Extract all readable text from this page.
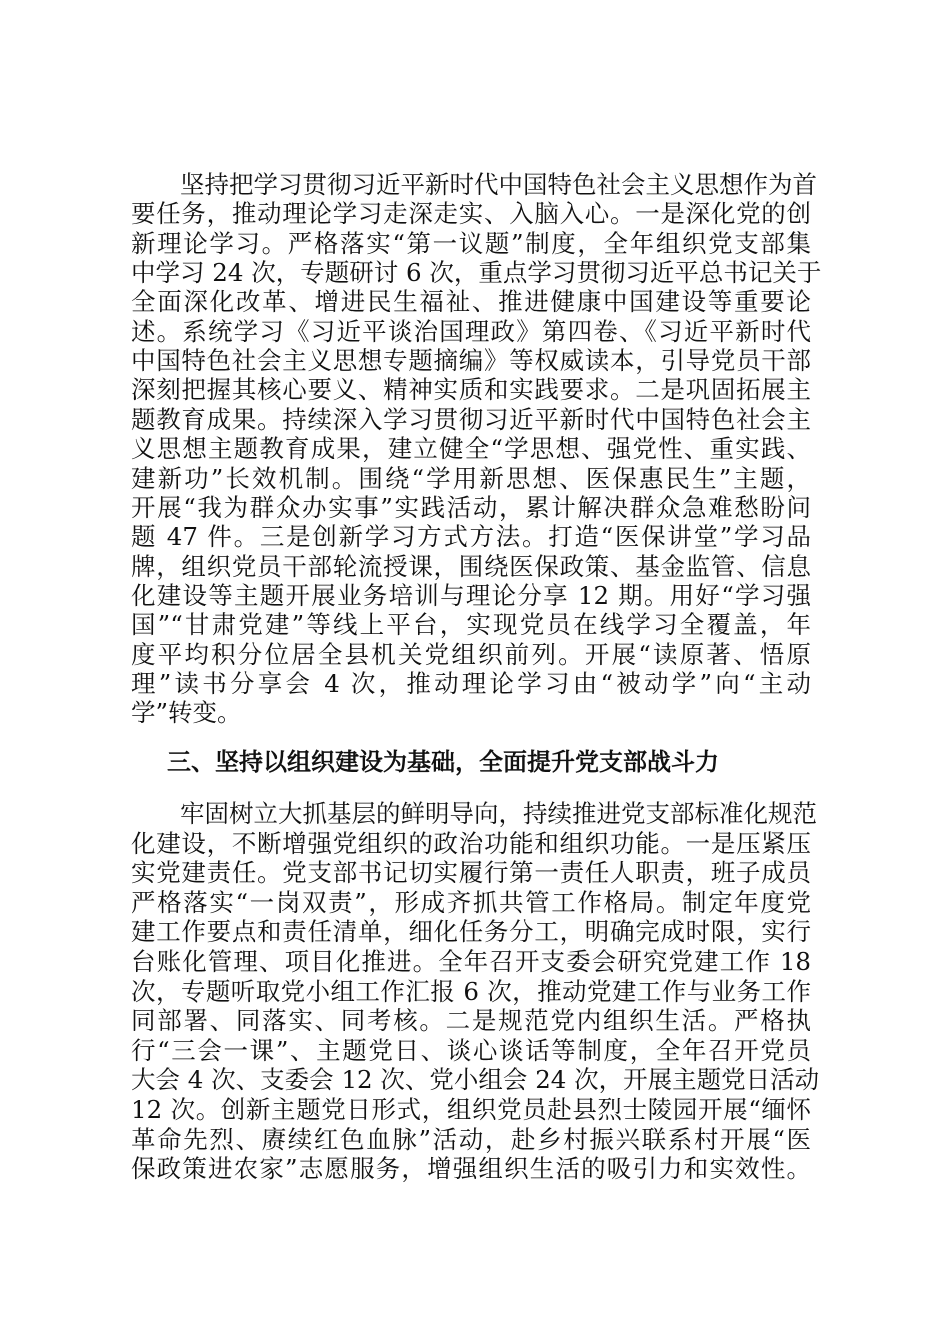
坚持把学习贯彻习近平新时代中国特色社会主义思想作为首
要任务，推动理论学习走深走实、入脑入心。一是深化党的创
新理论学习。严格落实“第一议题”制度，全年组织党支部集
中学习 24 次，专题研讨 6 次，重点学习贯彻习近平总书记关于
全面深化改革、增进民生福祉、推进健康中国建设等重要论
述。系统学习《习近平谈治国理政》第四卷、《习近平新时代
中国特色社会主义思想专题摘编》等权威读本，引导党员干部
深刻把握其核心要义、精神实质和实践要求。二是巩固拓展主
题教育成果。持续深入学习贯彻习近平新时代中国特色社会主
义思想主题教育成果，建立健全“学思想、强党性、重实践、
建新功”长效机制。围绕“学用新思想、医保惠民生”主题，
开展“我为群众办实事”实践活动，累计解决群众急难愁盼问
题 47 件。三是创新学习方式方法。打造“医保讲堂”学习品
牌，组织党员干部轮流授课，围绕医保政策、基金监管、信息
化建设等主题开展业务培训与理论分享 12 期。用好“学习强
国”“甘肃党建”等线上平台，实现党员在线学习全覆盖，年
度平均积分位居全县机关党组织前列。开展“读原著、悟原
理”读书分享会 4 次，推动理论学习由“被动学”向“主动
学”转变。
三、坚持以组织建设为基础，全面提升党支部战斗力
牢固树立大抓基层的鲜明导向，持续推进党支部标准化规范
化建设，不断增强党组织的政治功能和组织功能。一是压紧压
实党建责任。党支部书记切实履行第一责任人职责，班子成员
严格落实“一岗双责”，形成齐抓共管工作格局。制定年度党
建工作要点和责任清单，细化任务分工，明确完成时限，实行
台账化管理、项目化推进。全年召开支委会研究党建工作 18
次，专题听取党小组工作汇报 6 次，推动党建工作与业务工作
同部署、同落实、同考核。二是规范党内组织生活。严格执
行“三会一课”、主题党日、谈心谈话等制度，全年召开党员
大会 4 次、支委会 12 次、党小组会 24 次，开展主题党日活动
12 次。创新主题党日形式，组织党员赴县烈士陵园开展“缅怀
革命先烈、赓续红色血脉”活动，赴乡村振兴联系村开展“医
保政策进农家”志愿服务，增强组织生活的吸引力和实效性。
